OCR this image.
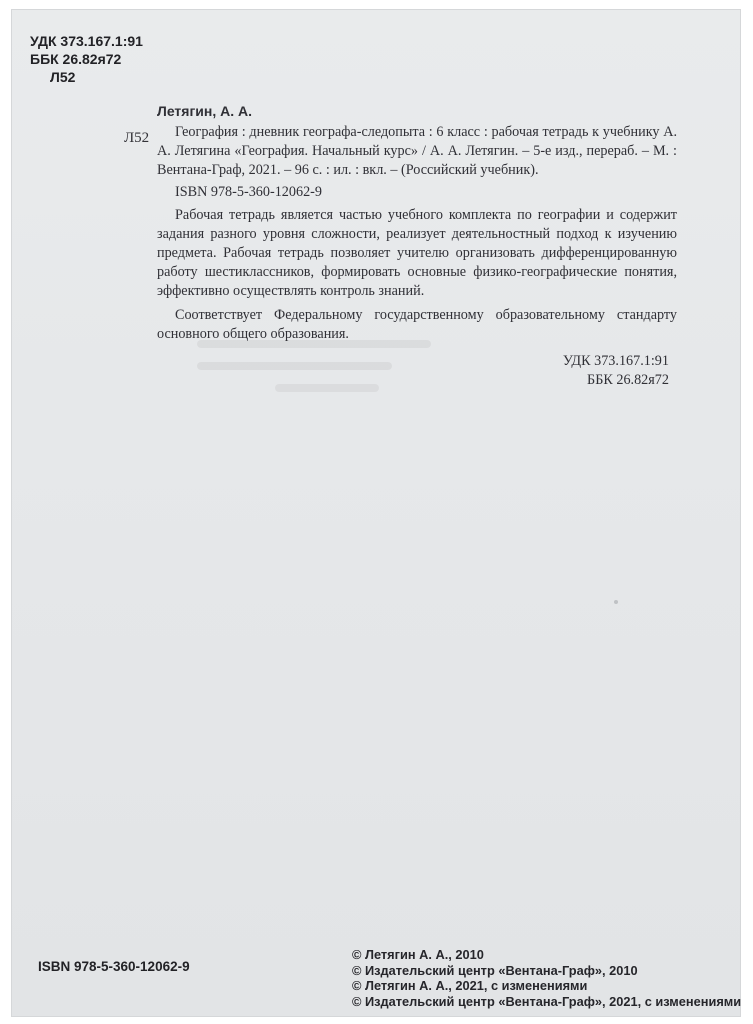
УДК 373.167.1:91
ББК 26.82я72
Л52
Л52
Летягин, А. А.

География : дневник географа-следопыта : 6 класс : рабочая тетрадь к учебнику А. А. Летягина «География. Начальный курс» / А. А. Летягин. – 5-е изд., перераб. – М. : Вентана-Граф, 2021. – 96 с. : ил. : вкл. – (Российский учебник).

ISBN 978-5-360-12062-9

Рабочая тетрадь является частью учебного комплекта по географии и содержит задания разного уровня сложности, реализует деятельностный подход к изучению предмета. Рабочая тетрадь позволяет учителю организовать дифференцированную работу шестиклассников, формировать основные физико-географические понятия, эффективно осуществлять контроль знаний.

Соответствует Федеральному государственному образовательному стандарту основного общего образования.

УДК 373.167.1:91
ББК 26.82я72
ISBN 978-5-360-12062-9
© Летягин А. А., 2010
© Издательский центр «Вентана-Граф», 2010
© Летягин А. А., 2021, с изменениями
© Издательский центр «Вентана-Граф», 2021, с изменениями
